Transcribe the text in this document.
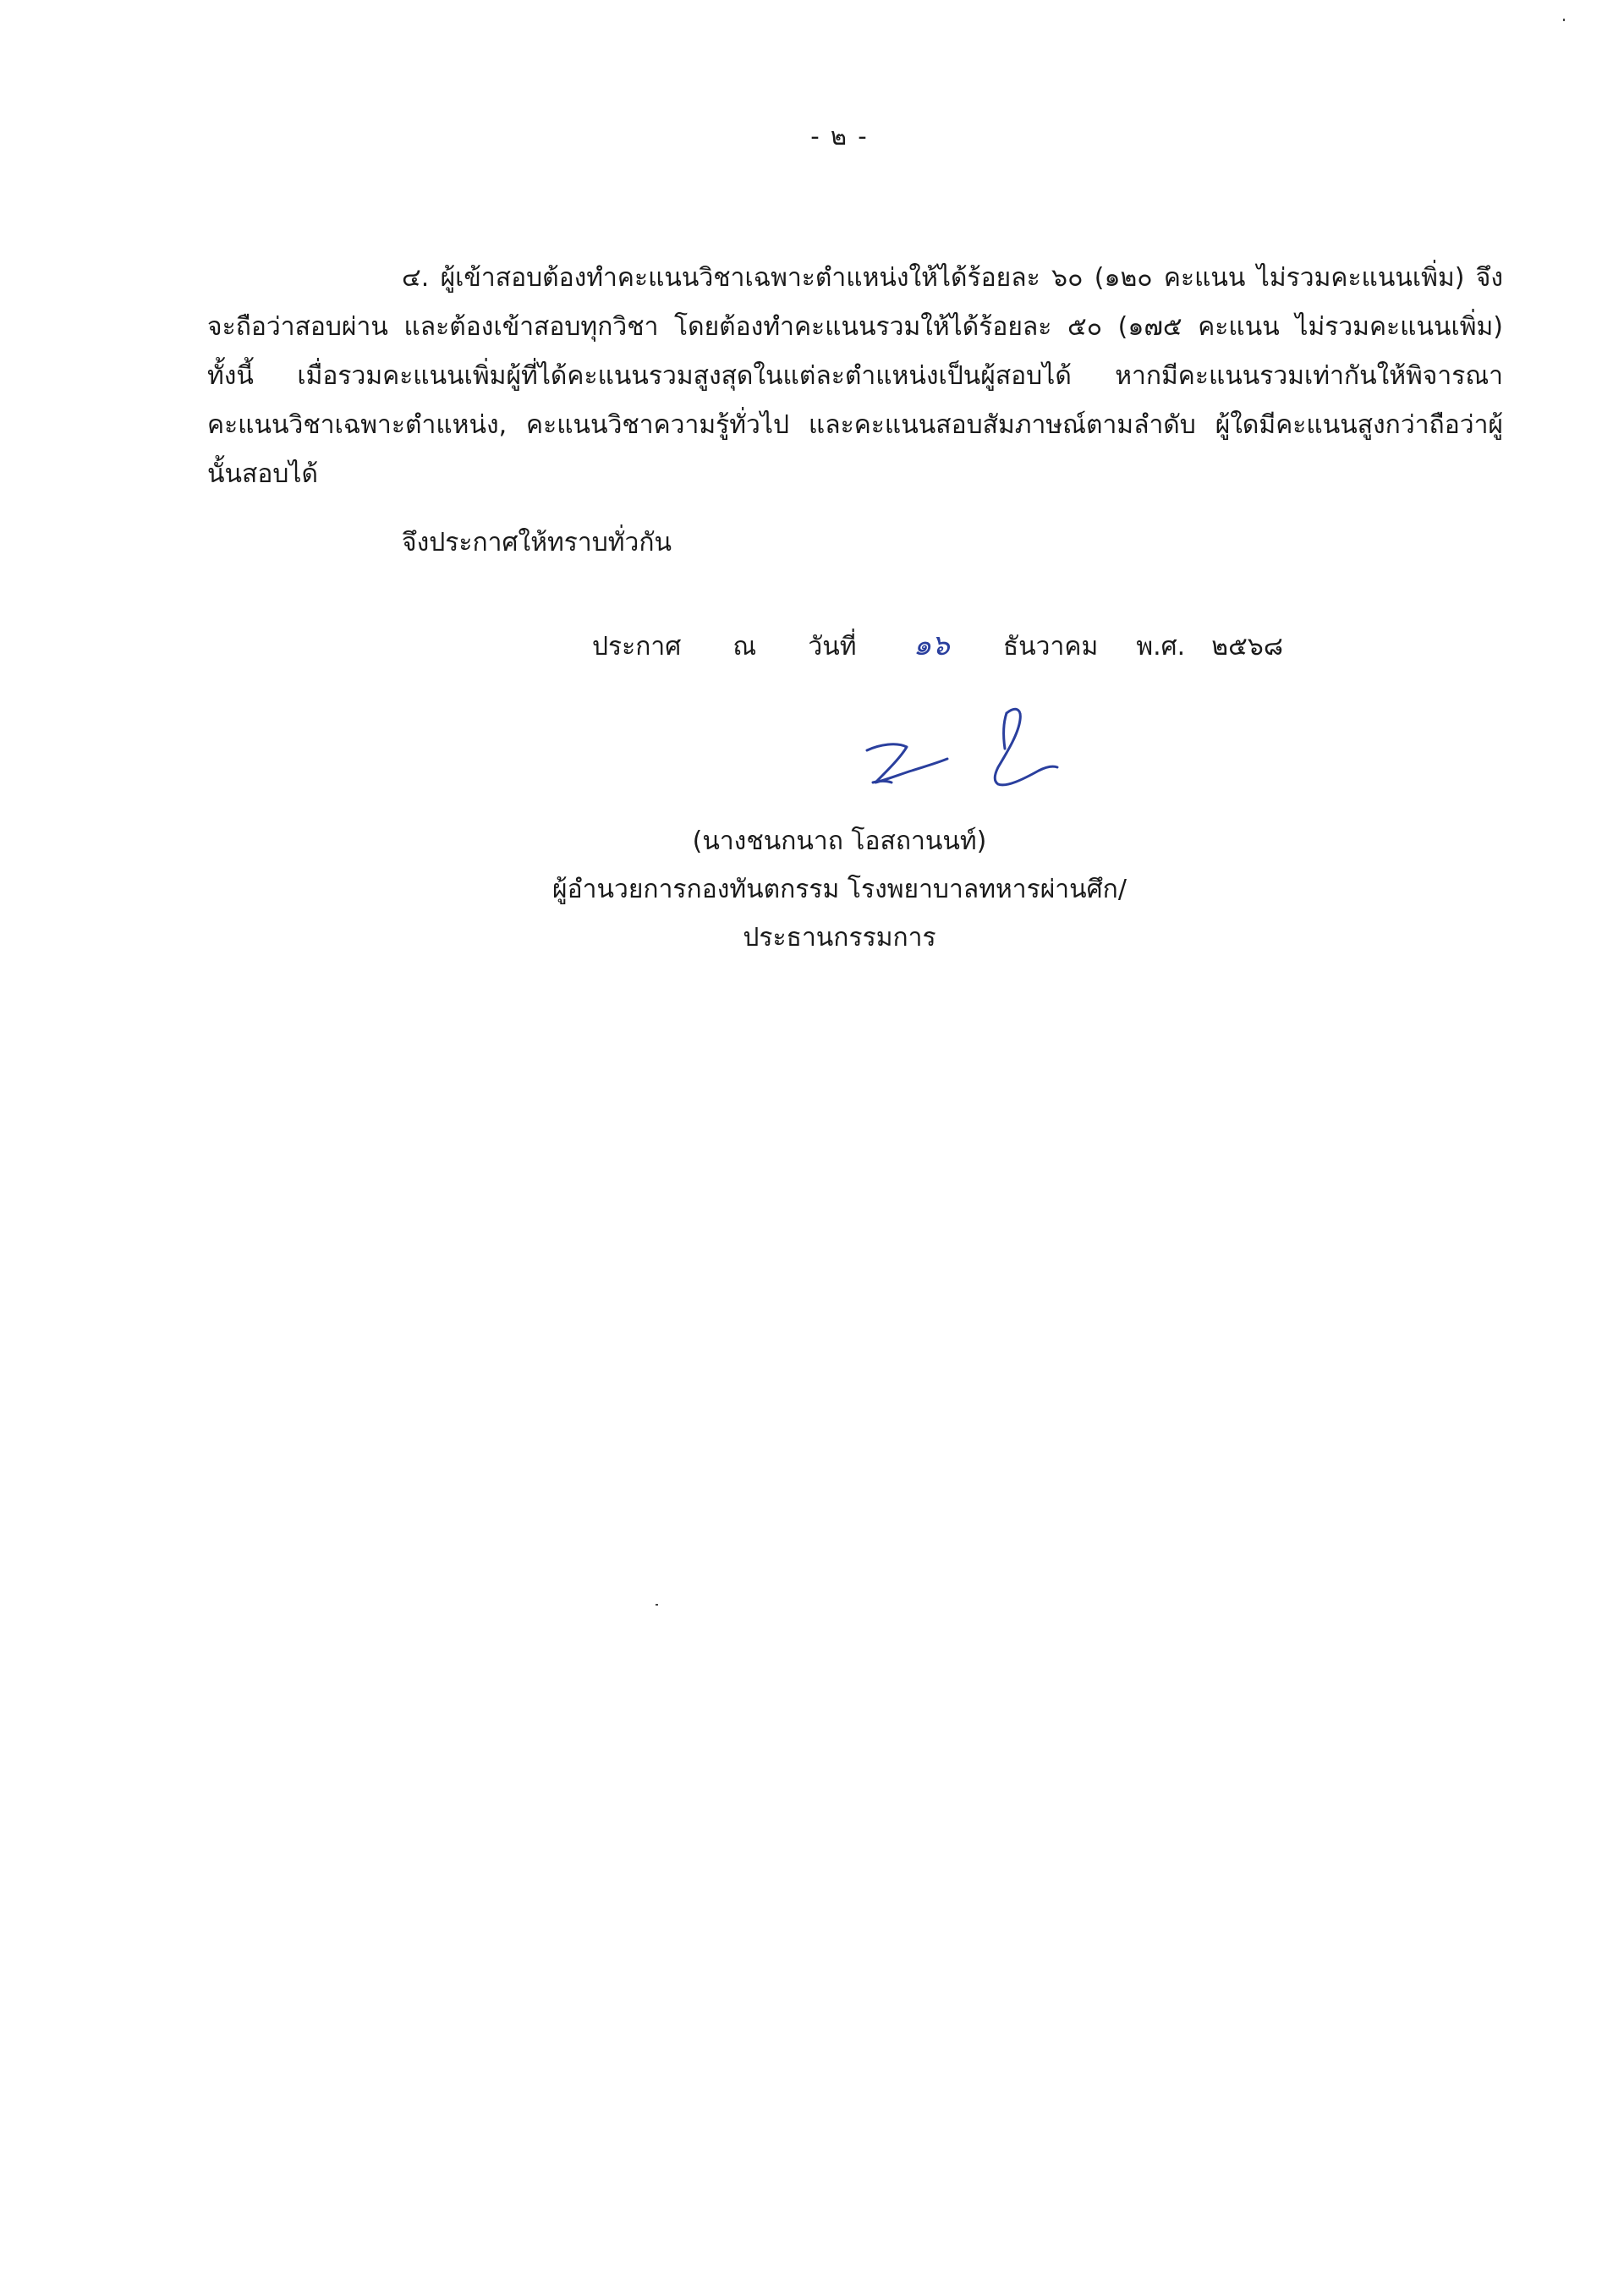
- ๒ -

๔. ผู้เข้าสอบต้องทำคะแนนวิชาเฉพาะตำแหน่งให้ได้ร้อยละ ๖๐ (๑๒๐ คะแนน ไม่รวมคะแนนเพิ่ม) จึงจะถือว่าสอบผ่าน และต้องเข้าสอบทุกวิชา โดยต้องทำคะแนนรวมให้ได้ร้อยละ ๕๐ (๑๗๕ คะแนน ไม่รวมคะแนนเพิ่ม) ทั้งนี้ เมื่อรวมคะแนนเพิ่มผู้ที่ได้คะแนนรวมสูงสุดในแต่ละตำแหน่งเป็นผู้สอบได้ หากมีคะแนนรวมเท่ากันให้พิจารณาคะแนนวิชาเฉพาะตำแหน่ง, คะแนนวิชาความรู้ทั่วไป และคะแนนสอบสัมภาษณ์ตามลำดับ ผู้ใดมีคะแนนสูงกว่าถือว่าผู้นั้นสอบได้

จึงประกาศให้ทราบทั่วกัน
ประกาศ ณ วันที่ ๑๖ ธันวาคม พ.ศ. ๒๕๖๘
(นางชนกนาถ โอสถานนท์)
ผู้อำนวยการกองทันตกรรม โรงพยาบาลทหารผ่านศึก/
ประธานกรรมการ
